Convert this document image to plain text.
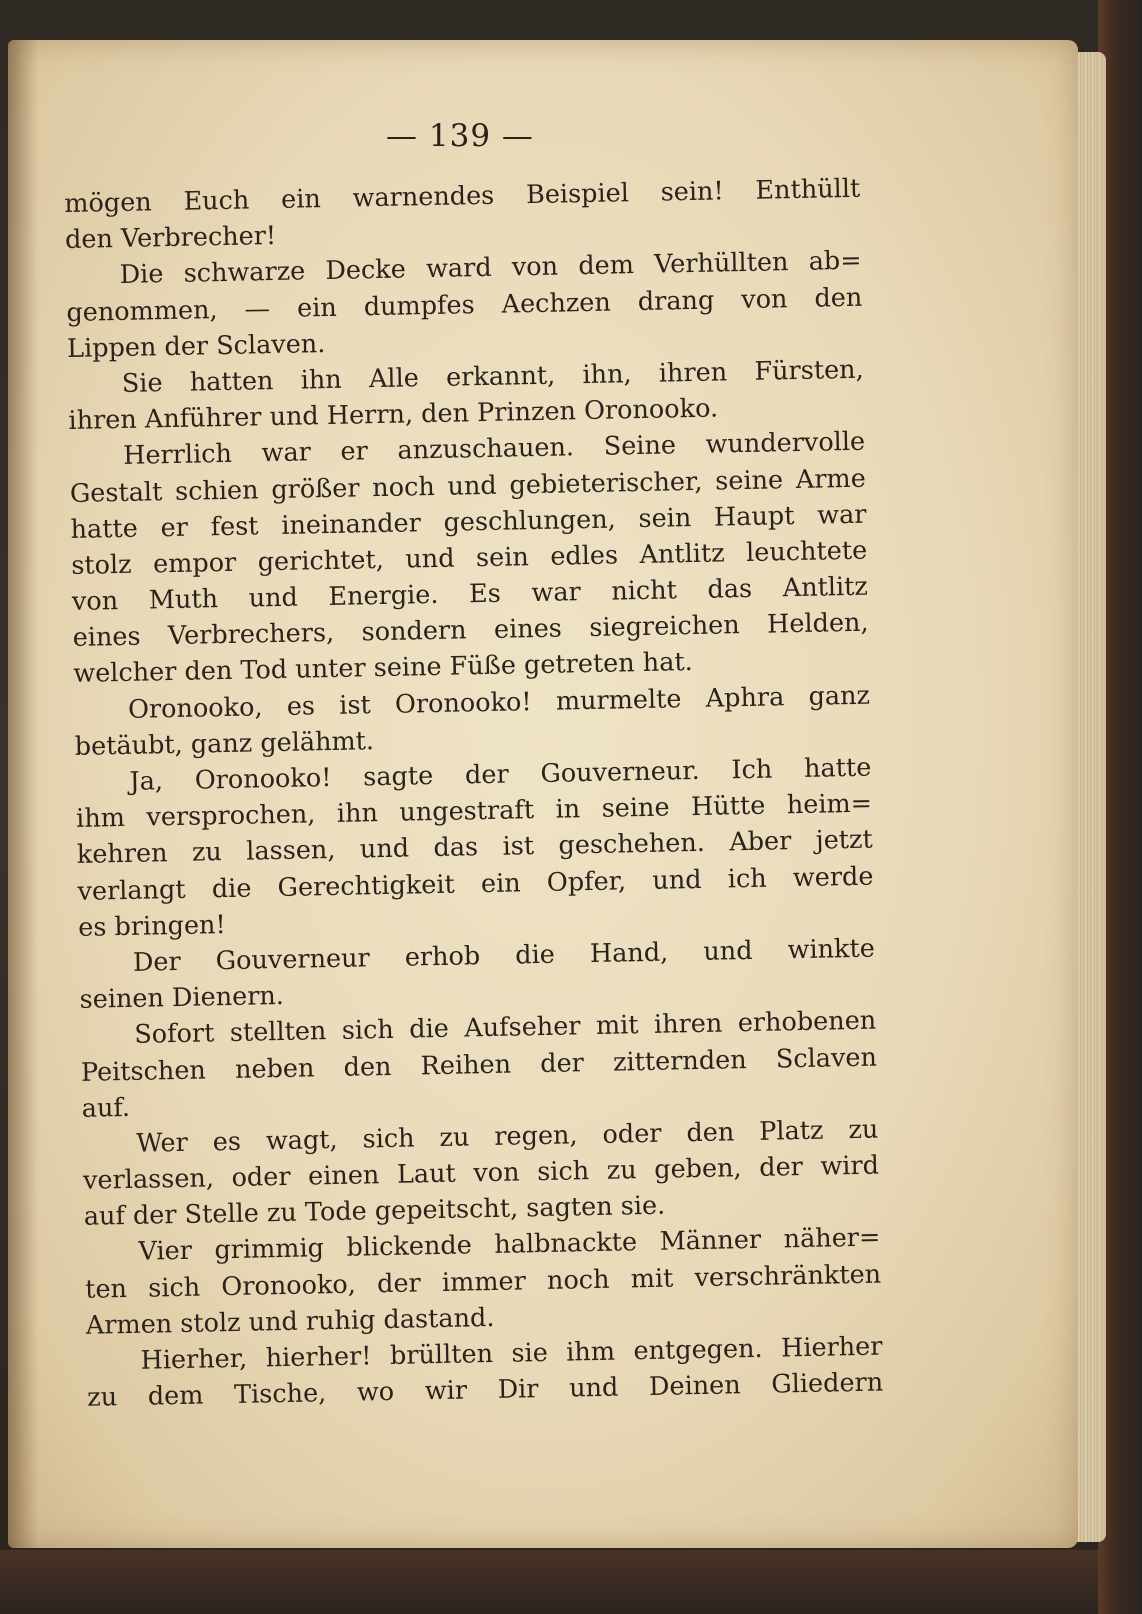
— 139 —
mögen Euch ein warnendes Beispiel sein! Enthüllt
den Verbrecher!
Die schwarze Decke ward von dem Verhüllten ab=
genommen, — ein dumpfes Aechzen drang von den
Lippen der Sclaven.
Sie hatten ihn Alle erkannt, ihn, ihren Fürsten,
ihren Anführer und Herrn, den Prinzen Oronooko.
Herrlich war er anzuschauen. Seine wundervolle
Gestalt schien größer noch und gebieterischer, seine Arme
hatte er fest ineinander geschlungen, sein Haupt war
stolz empor gerichtet, und sein edles Antlitz leuchtete
von Muth und Energie. Es war nicht das Antlitz
eines Verbrechers, sondern eines siegreichen Helden,
welcher den Tod unter seine Füße getreten hat.
Oronooko, es ist Oronooko! murmelte Aphra ganz
betäubt, ganz gelähmt.
Ja, Oronooko! sagte der Gouverneur. Ich hatte
ihm versprochen, ihn ungestraft in seine Hütte heim=
kehren zu lassen, und das ist geschehen. Aber jetzt
verlangt die Gerechtigkeit ein Opfer, und ich werde
es bringen!
Der Gouverneur erhob die Hand, und winkte
seinen Dienern.
Sofort stellten sich die Aufseher mit ihren erhobenen
Peitschen neben den Reihen der zitternden Sclaven
auf.
Wer es wagt, sich zu regen, oder den Platz zu
verlassen, oder einen Laut von sich zu geben, der wird
auf der Stelle zu Tode gepeitscht, sagten sie.
Vier grimmig blickende halbnackte Männer näher=
ten sich Oronooko, der immer noch mit verschränkten
Armen stolz und ruhig dastand.
Hierher, hierher! brüllten sie ihm entgegen. Hierher
zu dem Tische, wo wir Dir und Deinen Gliedern
